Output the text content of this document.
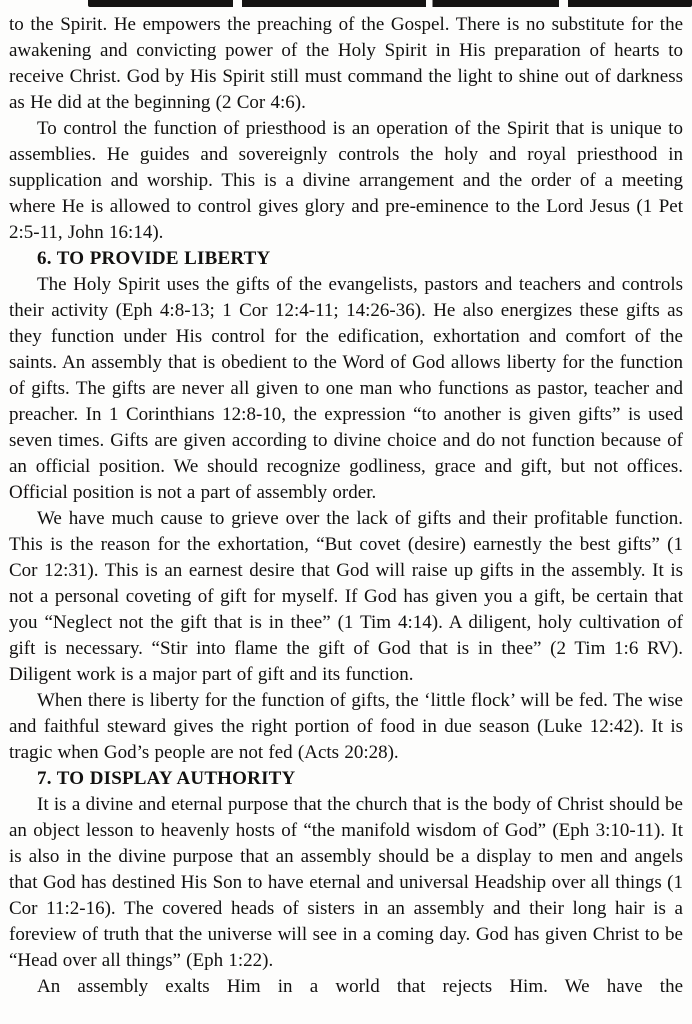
to the Spirit. He empowers the preaching of the Gospel. There is no substitute for the awakening and convicting power of the Holy Spirit in His preparation of hearts to receive Christ. God by His Spirit still must command the light to shine out of darkness as He did at the beginning (2 Cor 4:6).

To control the function of priesthood is an operation of the Spirit that is unique to assemblies. He guides and sovereignly controls the holy and royal priesthood in supplication and worship. This is a divine arrangement and the order of a meeting where He is allowed to control gives glory and pre-eminence to the Lord Jesus (1 Pet 2:5-11, John 16:14).

6. TO PROVIDE LIBERTY

The Holy Spirit uses the gifts of the evangelists, pastors and teachers and controls their activity (Eph 4:8-13; 1 Cor 12:4-11; 14:26-36). He also energizes these gifts as they function under His control for the edification, exhortation and comfort of the saints. An assembly that is obedient to the Word of God allows liberty for the function of gifts. The gifts are never all given to one man who functions as pastor, teacher and preacher. In 1 Corinthians 12:8-10, the expression “to another is given gifts” is used seven times. Gifts are given according to divine choice and do not function because of an official position. We should recognize godliness, grace and gift, but not offices. Official position is not a part of assembly order.

We have much cause to grieve over the lack of gifts and their profitable function. This is the reason for the exhortation, “But covet (desire) earnestly the best gifts” (1 Cor 12:31). This is an earnest desire that God will raise up gifts in the assembly. It is not a personal coveting of gift for myself. If God has given you a gift, be certain that you “Neglect not the gift that is in thee” (1 Tim 4:14). A diligent, holy cultivation of gift is necessary. “Stir into flame the gift of God that is in thee” (2 Tim 1:6 RV). Diligent work is a major part of gift and its function.

When there is liberty for the function of gifts, the ‘little flock’ will be fed. The wise and faithful steward gives the right portion of food in due season (Luke 12:42). It is tragic when God’s people are not fed (Acts 20:28).

7. TO DISPLAY AUTHORITY

It is a divine and eternal purpose that the church that is the body of Christ should be an object lesson to heavenly hosts of “the manifold wisdom of God” (Eph 3:10-11). It is also in the divine purpose that an assembly should be a display to men and angels that God has destined His Son to have eternal and universal Headship over all things (1 Cor 11:2-16). The covered heads of sisters in an assembly and their long hair is a foreview of truth that the universe will see in a coming day. God has given Christ to be “Head over all things” (Eph 1:22).

An assembly exalts Him in a world that rejects Him. We have the
